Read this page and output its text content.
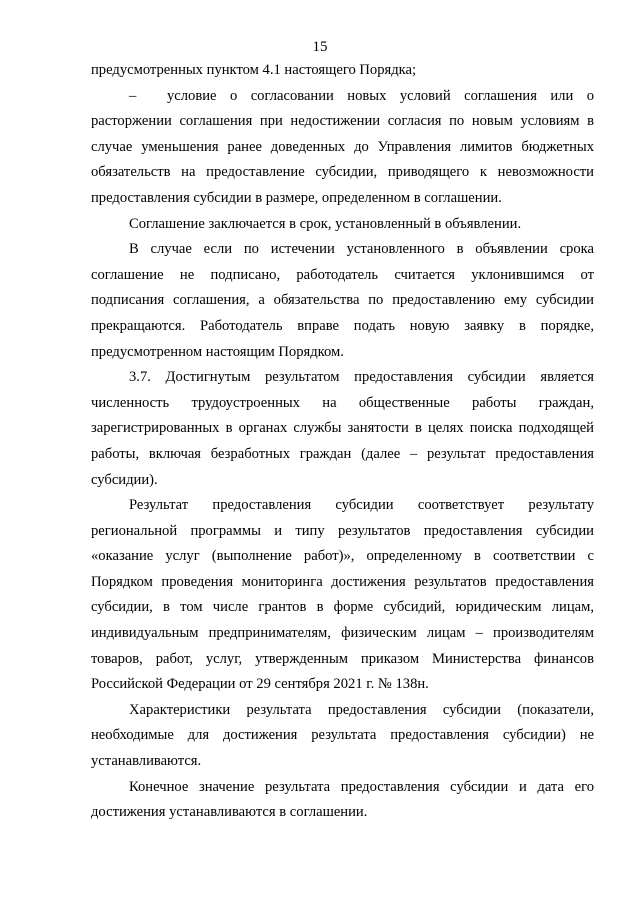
15

предусмотренных пунктом 4.1 настоящего Порядка;

– условие о согласовании новых условий соглашения или о расторжении соглашения при недостижении согласия по новым условиям в случае уменьшения ранее доведенных до Управления лимитов бюджетных обязательств на предоставление субсидии, приводящего к невозможности предоставления субсидии в размере, определенном в соглашении.

Соглашение заключается в срок, установленный в объявлении.

В случае если по истечении установленного в объявлении срока соглашение не подписано, работодатель считается уклонившимся от подписания соглашения, а обязательства по предоставлению ему субсидии прекращаются. Работодатель вправе подать новую заявку в порядке, предусмотренном настоящим Порядком.

3.7. Достигнутым результатом предоставления субсидии является численность трудоустроенных на общественные работы граждан, зарегистрированных в органах службы занятости в целях поиска подходящей работы, включая безработных граждан (далее – результат предоставления субсидии).

Результат предоставления субсидии соответствует результату региональной программы и типу результатов предоставления субсидии «оказание услуг (выполнение работ)», определенному в соответствии с Порядком проведения мониторинга достижения результатов предоставления субсидии, в том числе грантов в форме субсидий, юридическим лицам, индивидуальным предпринимателям, физическим лицам – производителям товаров, работ, услуг, утвержденным приказом Министерства финансов Российской Федерации от 29 сентября 2021 г. № 138н.

Характеристики результата предоставления субсидии (показатели, необходимые для достижения результата предоставления субсидии) не устанавливаются.

Конечное значение результата предоставления субсидии и дата его достижения устанавливаются в соглашении.
